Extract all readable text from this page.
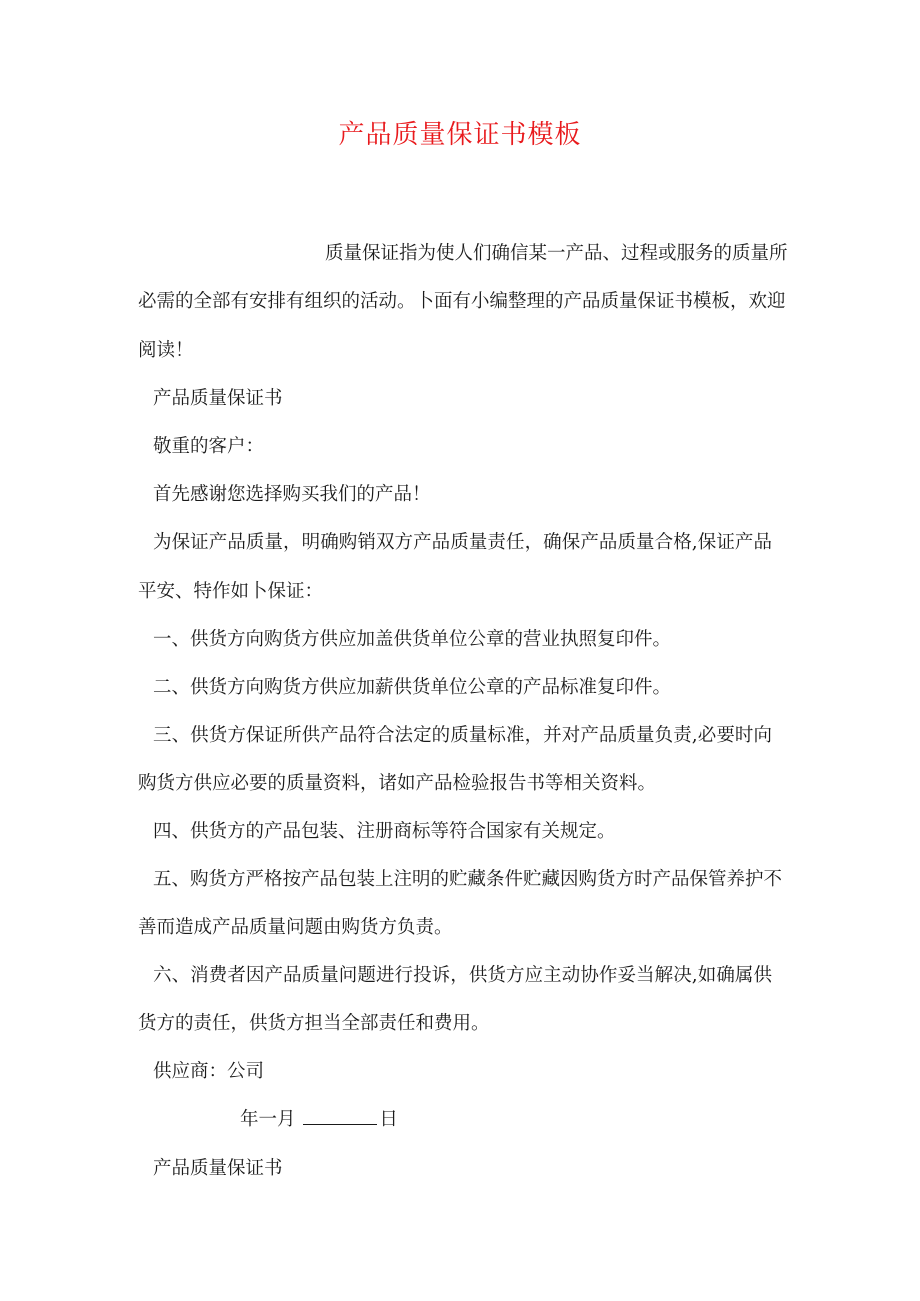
产品质量保证书模板
质量保证指为使人们确信某一产品、过程或服务的质量所
必需的全部有安排有组织的活动。卜面有小编整理的产品质量保证书模板，欢迎
阅读！
产品质量保证书
敬重的客户：
首先感谢您选择购买我们的产品！
为保证产品质量，明确购销双方产品质量责任，确保产品质量合格,保证产品
平安、特作如卜保证：
一、供货方向购货方供应加盖供货单位公章的营业执照复印件。
二、供货方向购货方供应加薪供货单位公章的产品标准复印件。
三、供货方保证所供产品符合法定的质量标准，并对产品质量负责,必要时向
购货方供应必要的质量资料，诸如产品检验报告书等相关资料。
四、供货方的产品包装、注册商标等符合国家有关规定。
五、购货方严格按产品包装上注明的贮藏条件贮藏因购货方时产品保管养护不
善而造成产品质量问题由购货方负责。
六、消费者因产品质量问题进行投诉，供货方应主动协作妥当解决,如确属供
货方的责任，供货方担当全部责任和费用。
供应商：公司
年一月	日
产品质量保证书
